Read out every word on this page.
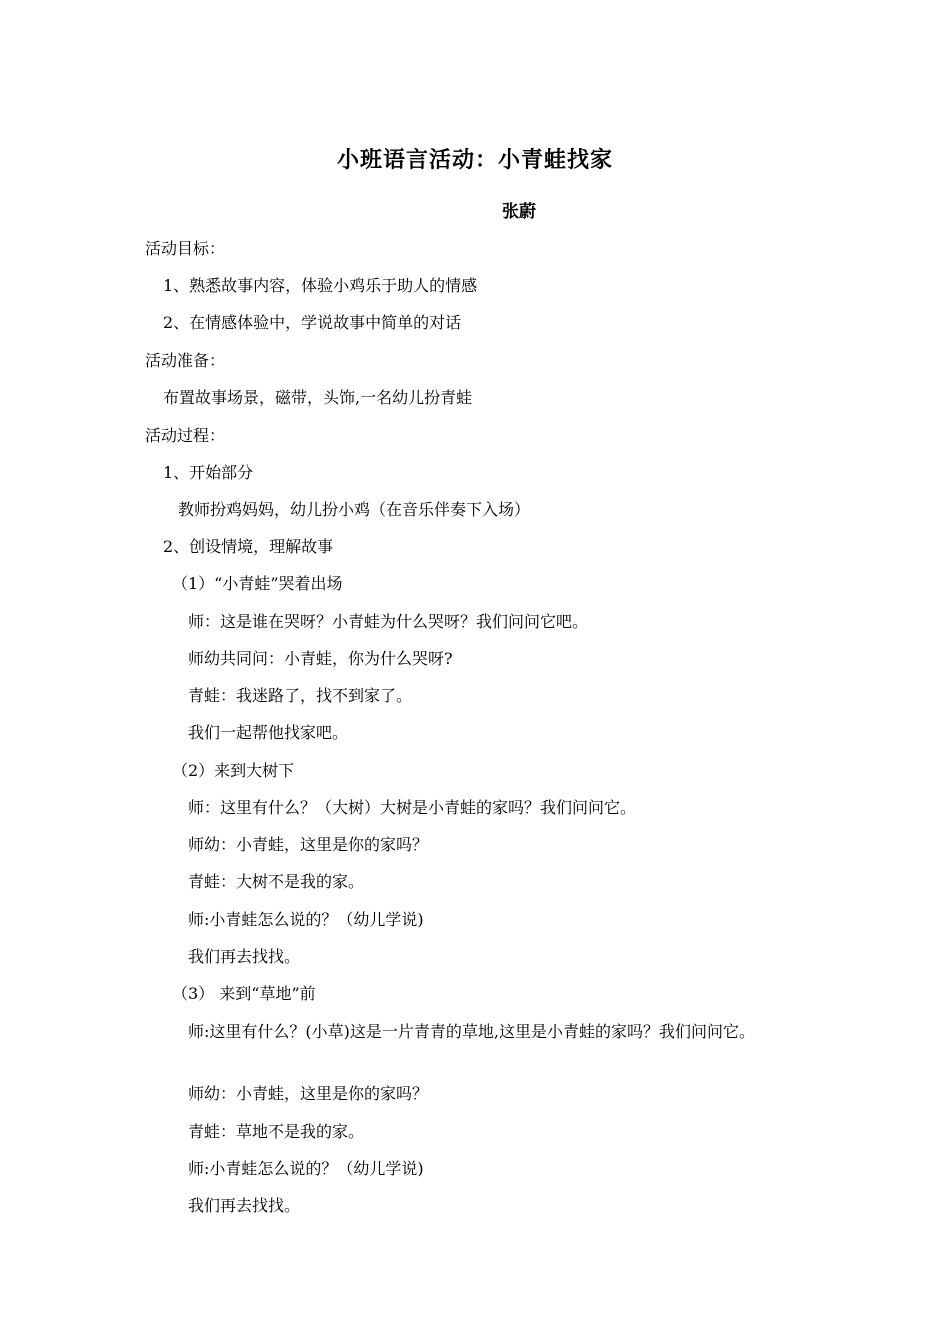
小班语言活动：小青蛙找家
张蔚
活动目标：
1、熟悉故事内容，体验小鸡乐于助人的情感
2、在情感体验中，学说故事中简单的对话
活动准备：
布置故事场景，磁带，头饰,一名幼儿扮青蛙
活动过程：
1、开始部分
教师扮鸡妈妈，幼儿扮小鸡（在音乐伴奏下入场）
2、创设情境，理解故事
（1）“小青蛙”哭着出场
师：这是谁在哭呀？小青蛙为什么哭呀？我们问问它吧。
师幼共同问：小青蛙，你为什么哭呀?
青蛙：我迷路了，找不到家了。
我们一起帮他找家吧。
（2）来到大树下
师：这里有什么？（大树）大树是小青蛙的家吗？我们问问它。
师幼：小青蛙，这里是你的家吗？
青蛙：大树不是我的家。
师:小青蛙怎么说的？（幼儿学说)
我们再去找找。
（3） 来到“草地”前
师:这里有什么？(小草)这是一片青青的草地,这里是小青蛙的家吗？我们问问它。
师幼：小青蛙，这里是你的家吗？
青蛙：草地不是我的家。
师:小青蛙怎么说的？（幼儿学说)
我们再去找找。
